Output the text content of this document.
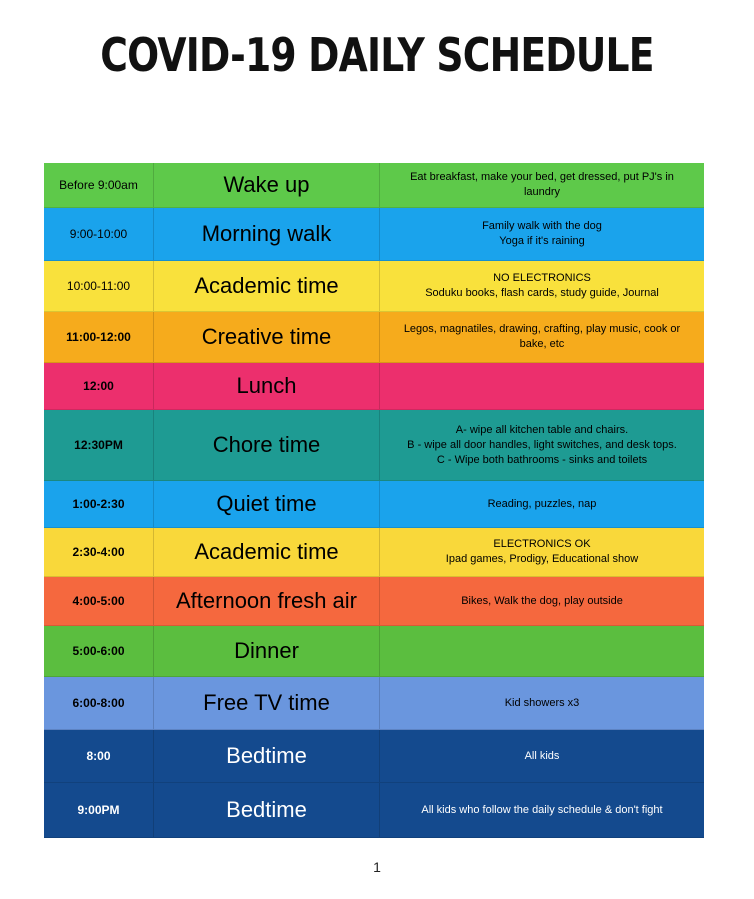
COVID-19 DAILY SCHEDULE
Before 9:00am	Wake up	Eat breakfast, make your bed, get dressed, put PJ's in
laundry
9:00-10:00	Morning walk	Family walk with the dog
Yoga if it's raining
10:00-11:00	Academic time	NO ELECTRONICS
Soduku books, flash cards, study guide, Journal
11:00-12:00	Creative time	Legos, magnatiles, drawing, crafting, play music, cook or
bake, etc
12:00	Lunch
12:30PM	Chore time
A- wipe all kitchen table and chairs.
B - wipe all door handles, light switches, and desk tops.
C - Wipe both bathrooms - sinks and toilets
1:00-2:30	Quiet time	Reading, puzzles, nap
2:30-4:00	Academic time	ELECTRONICS OK
Ipad games, Prodigy, Educational show
4:00-5:00	Afternoon fresh air	Bikes, Walk the dog, play outside
5:00-6:00	Dinner
6:00-8:00	Free TV time	Kid showers x3
8:00	Bedtime	All kids
9:00PM	Bedtime	All kids who follow the daily schedule & don't fight
1
